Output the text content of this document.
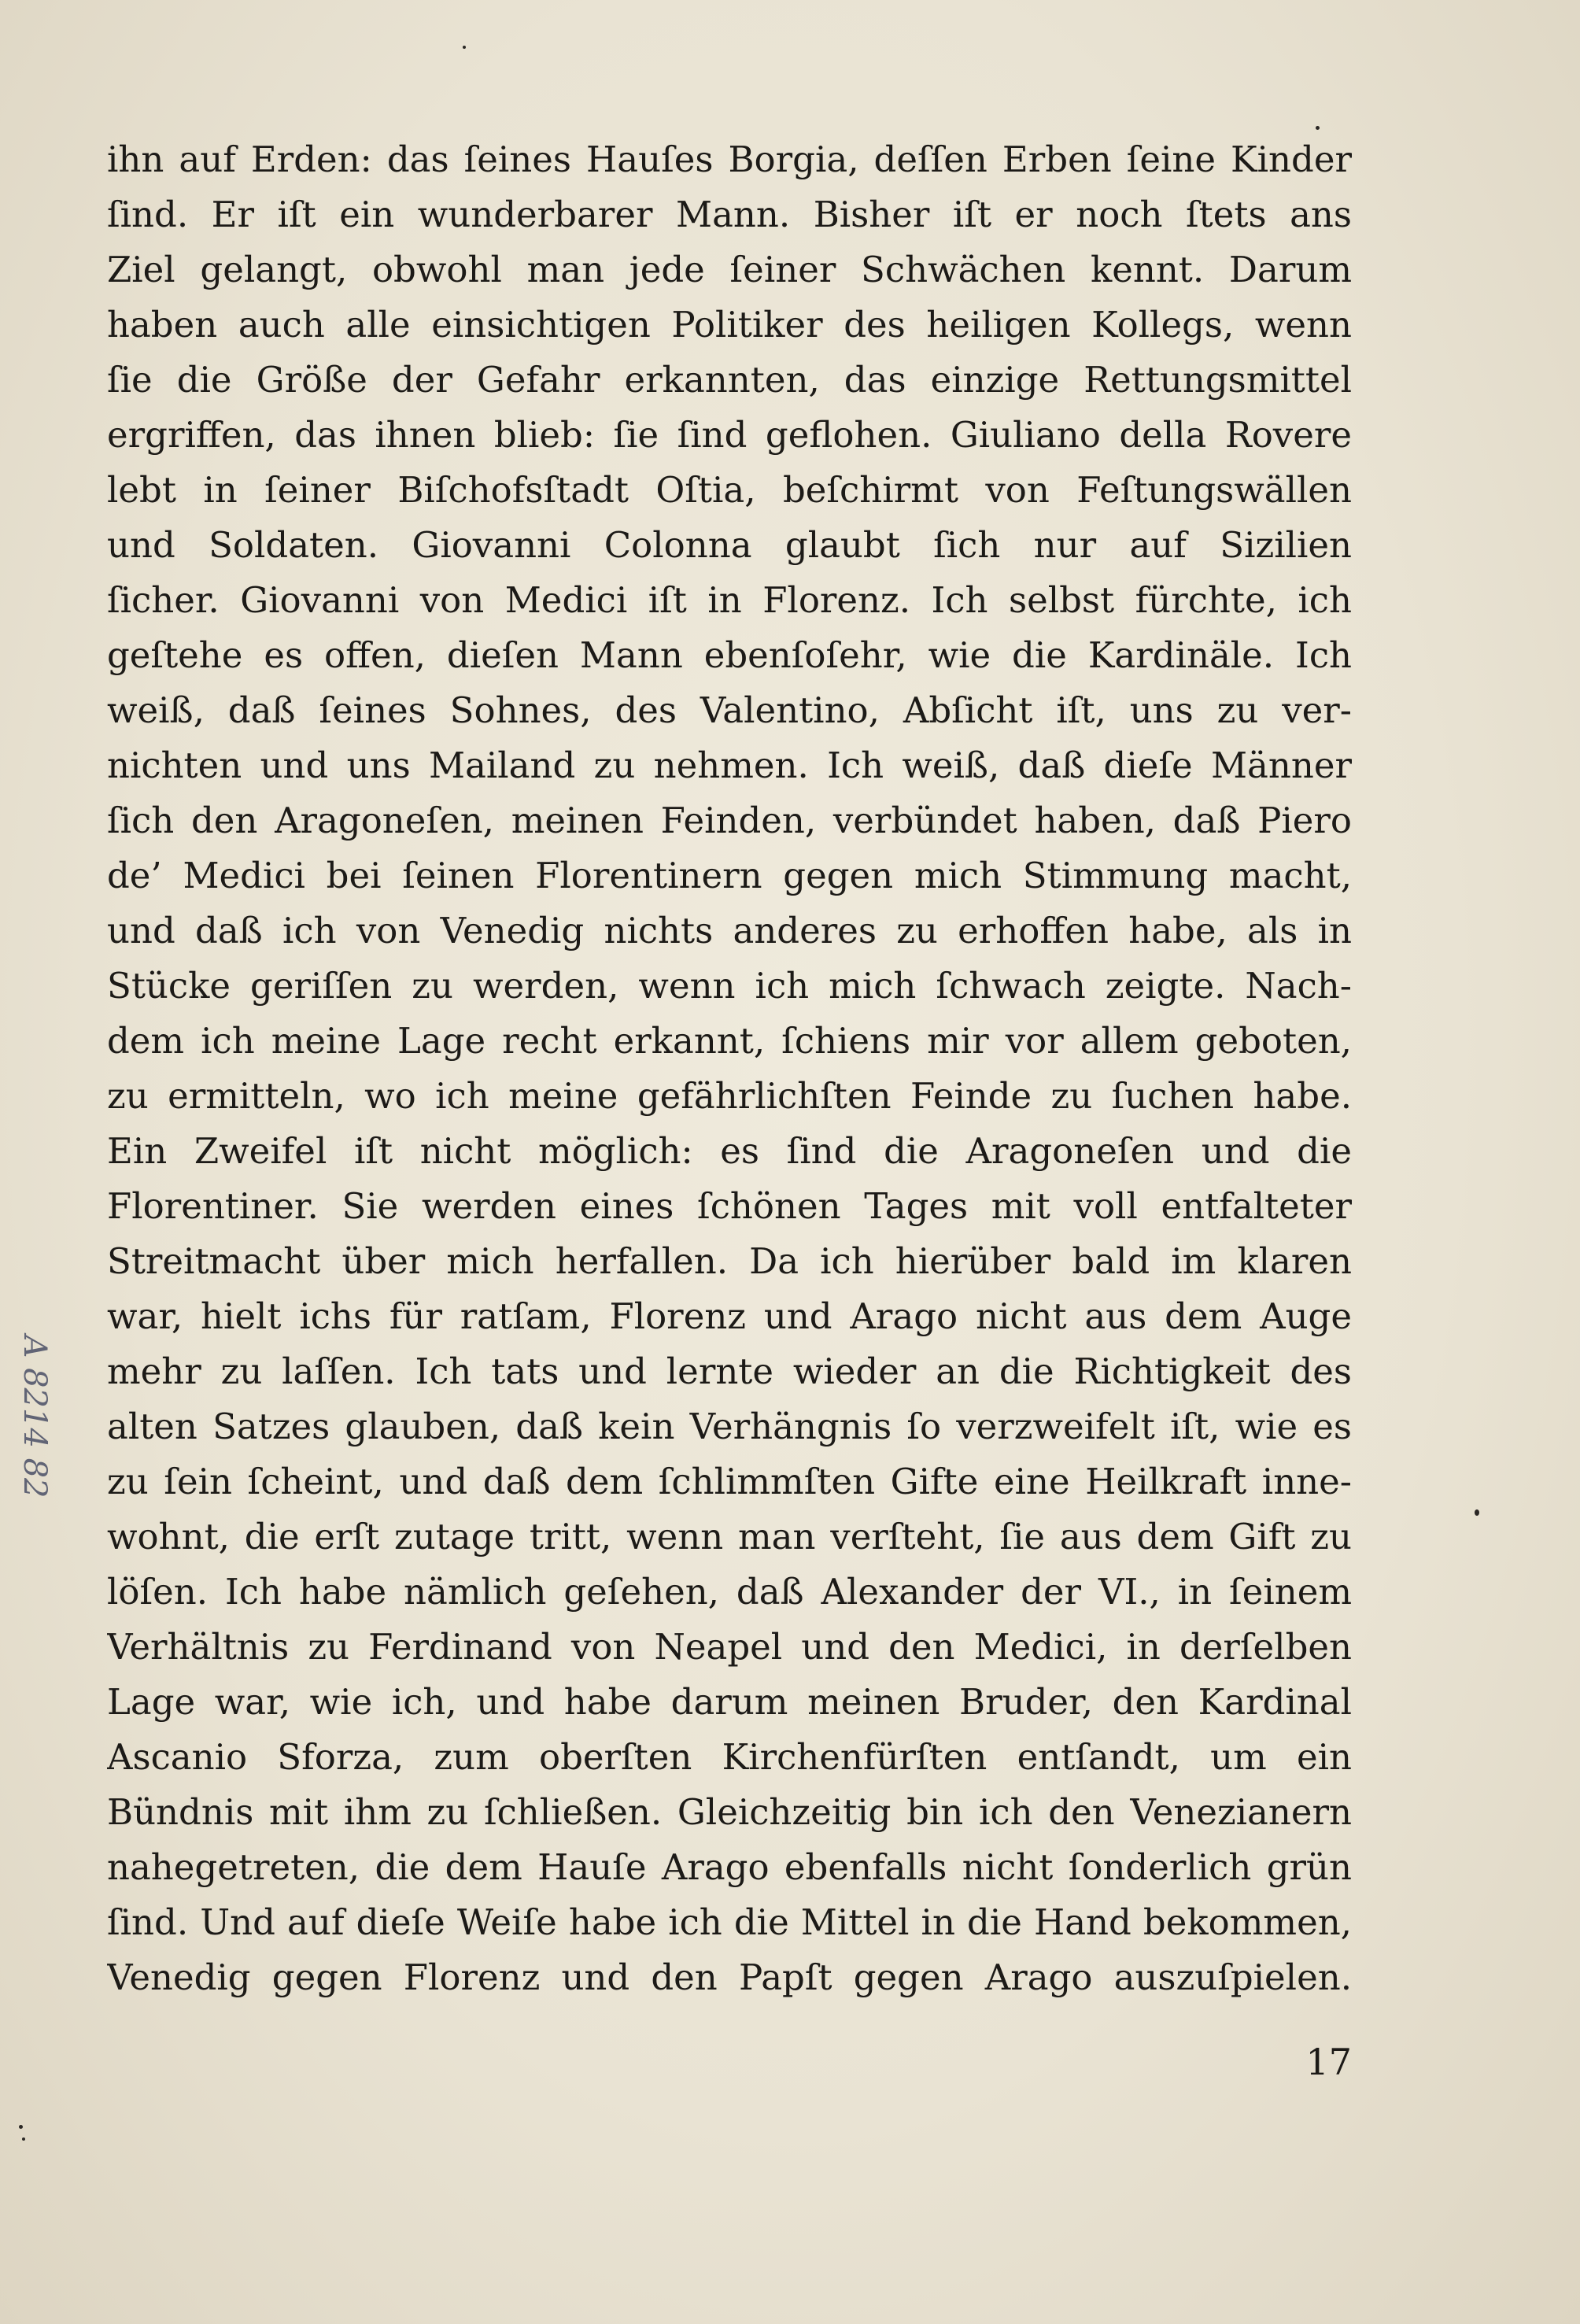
ihn auf Erden: das ſeines Hauſes Borgia, deſſen Erben ſeine Kinder
ſind. Er iſt ein wunderbarer Mann. Bisher iſt er noch ſtets ans
Ziel gelangt, obwohl man jede ſeiner Schwächen kennt. Darum
haben auch alle einsichtigen Politiker des heiligen Kollegs, wenn
ſie die Größe der Gefahr erkannten, das einzige Rettungsmittel
ergriffen, das ihnen blieb: ſie ſind geflohen. Giuliano della Rovere
lebt in ſeiner Biſchofsſtadt Oſtia, beſchirmt von Feſtungswällen
und Soldaten. Giovanni Colonna glaubt ſich nur auf Sizilien
ſicher. Giovanni von Medici iſt in Florenz. Ich selbst fürchte, ich
geſtehe es offen, dieſen Mann ebenſoſehr, wie die Kardinäle. Ich
weiß, daß ſeines Sohnes, des Valentino, Abſicht iſt, uns zu ver-
nichten und uns Mailand zu nehmen. Ich weiß, daß dieſe Männer
ſich den Aragoneſen, meinen Feinden, verbündet haben, daß Piero
de’ Medici bei ſeinen Florentinern gegen mich Stimmung macht,
und daß ich von Venedig nichts anderes zu erhoffen habe, als in
Stücke geriſſen zu werden, wenn ich mich ſchwach zeigte. Nach-
dem ich meine Lage recht erkannt, ſchiens mir vor allem geboten,
zu ermitteln, wo ich meine gefährlichſten Feinde zu ſuchen habe.
Ein Zweifel iſt nicht möglich: es ſind die Aragoneſen und die
Florentiner. Sie werden eines ſchönen Tages mit voll entfalteter
Streitmacht über mich herfallen. Da ich hierüber bald im klaren
war, hielt ichs für ratſam, Florenz und Arago nicht aus dem Auge
mehr zu laſſen. Ich tats und lernte wieder an die Richtigkeit des
alten Satzes glauben, daß kein Verhängnis ſo verzweifelt iſt, wie es
zu ſein ſcheint, und daß dem ſchlimmſten Gifte eine Heilkraft inne-
wohnt, die erſt zutage tritt, wenn man verſteht, ſie aus dem Gift zu
löſen. Ich habe nämlich geſehen, daß Alexander der VI., in ſeinem
Verhältnis zu Ferdinand von Neapel und den Medici, in derſelben
Lage war, wie ich, und habe darum meinen Bruder, den Kardinal
Ascanio Sforza, zum oberſten Kirchenfürſten entſandt, um ein
Bündnis mit ihm zu ſchließen. Gleichzeitig bin ich den Venezianern
nahegetreten, die dem Hauſe Arago ebenfalls nicht ſonderlich grün
ſind. Und auf dieſe Weiſe habe ich die Mittel in die Hand bekommen,
Venedig gegen Florenz und den Papſt gegen Arago auszuſpielen.
17
A 8214 82
